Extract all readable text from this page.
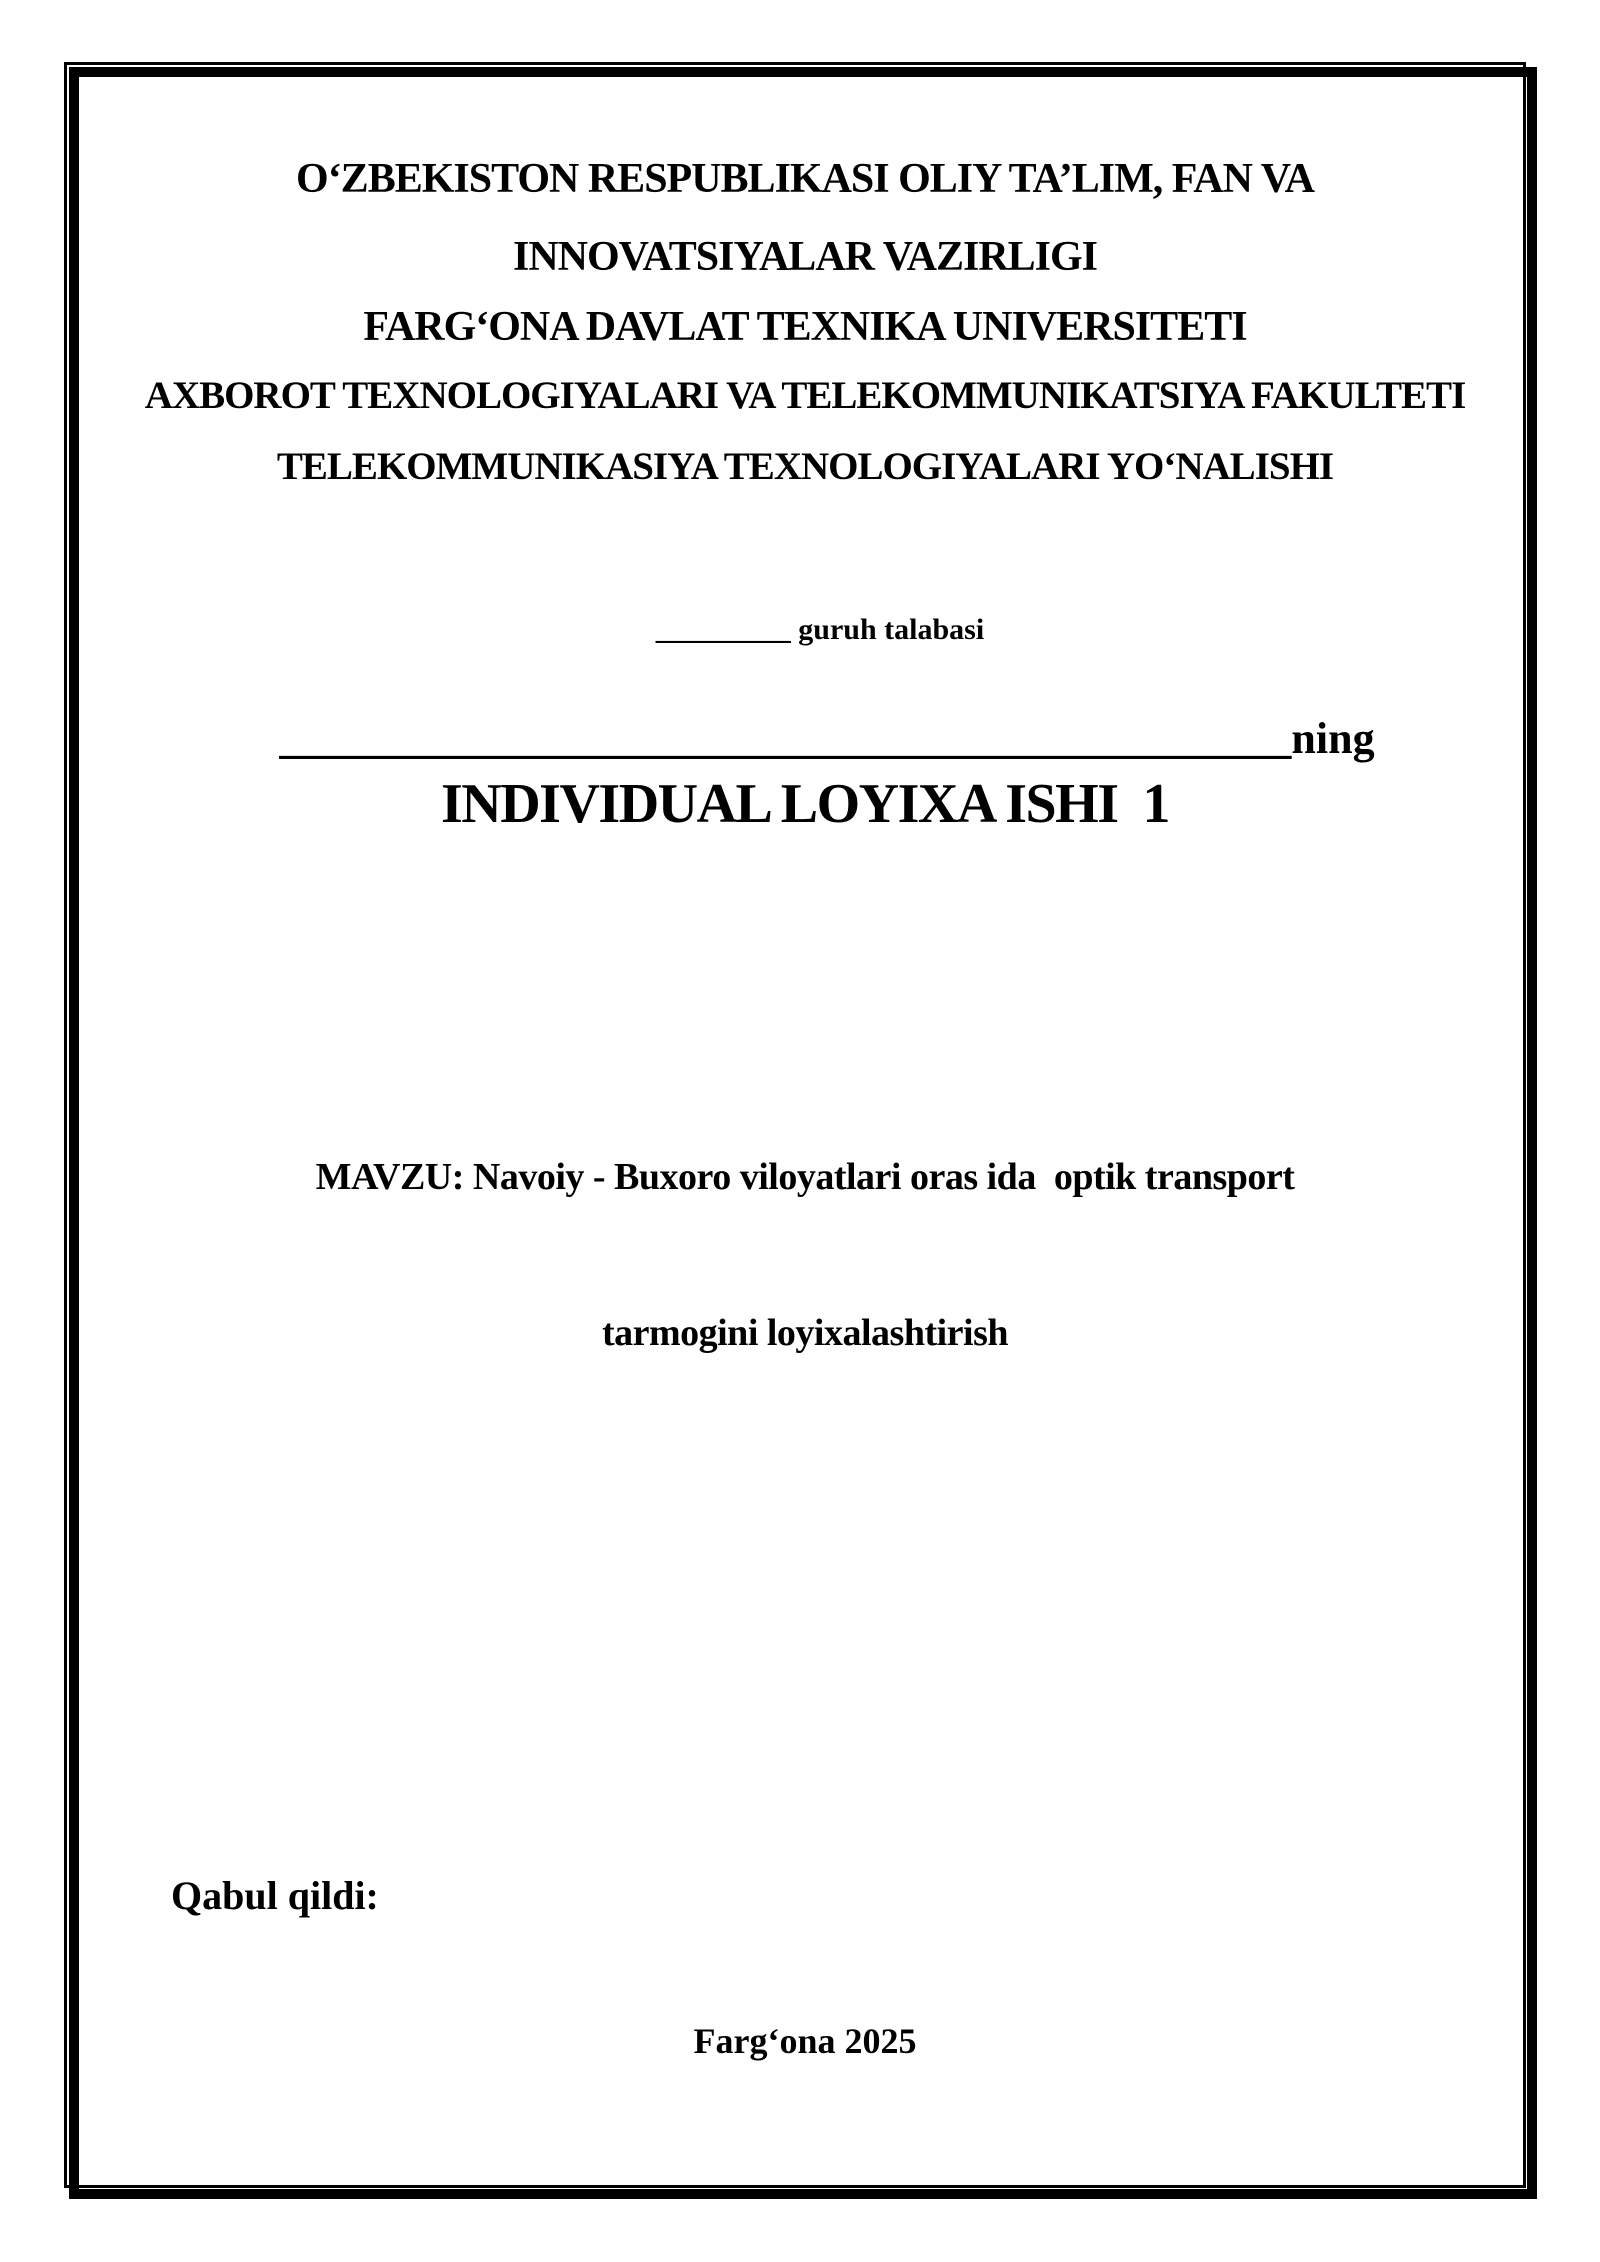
O‘ZBEKISTON RESPUBLIKASI OLIY TA’LIM, FAN VA
INNOVATSIYALAR VAZIRLIGI
FARG‘ONA DAVLAT TEXNIKA UNIVERSITETI
AXBOROT TEXNOLOGIYALARI VA TELEKOMMUNIKATSIYA FAKULTETI
TELEKOMMUNIKASIYA TEXNOLOGIYALARI YO‘NALISHI

_________ guruh talabasi

______________________________________________ning

INDIVIDUAL LOYIXA ISHI  1

MAVZU: Navoiy - Buxoro viloyatlari oras ida  optik transport

tarmogini loyixalashtirish

Qabul qildi:
Farg‘ona 2025
